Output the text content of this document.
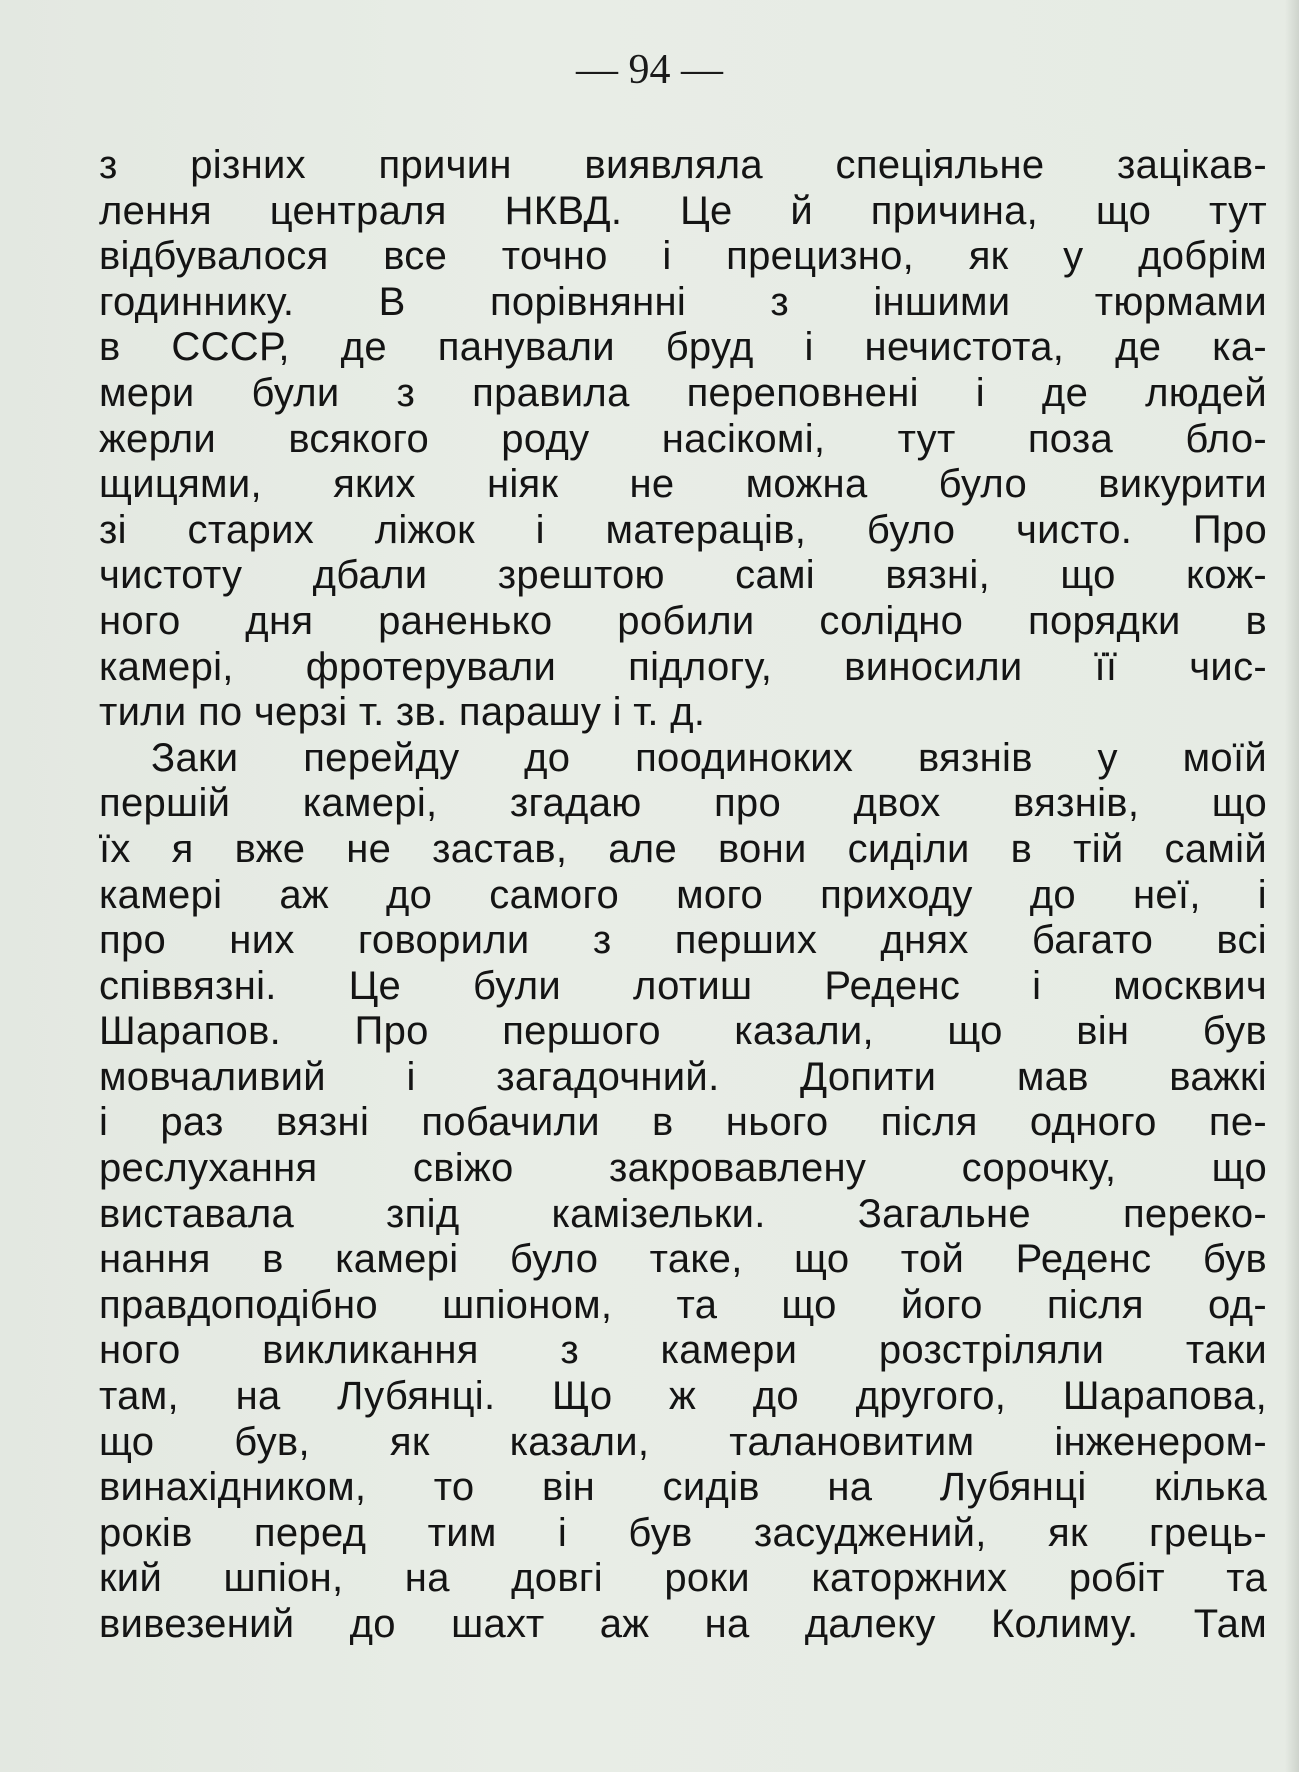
— 94 —
з різних причин виявляла спеціяльне зацікав-
лення централя НКВД. Це й причина, що тут
відбувалося все точно і прецизно, як у добрім
годиннику. В порівнянні з іншими тюрмами
в СССР, де панували бруд і нечистота, де ка-
мери були з правила переповнені і де людей
жерли всякого роду насікомі, тут поза бло-
щицями, яких ніяк не можна було викурити
зі старих ліжок і матераців, було чисто. Про
чистоту дбали зрештою самі вязні, що кож-
ного дня раненько робили солідно порядки в
камері, фротерували підлогу, виносили її чис-
тили по черзі т. зв. парашу і т. д.
Заки перейду до поодиноких вязнів у моїй
першій камері, згадаю про двох вязнів, що
їх я вже не застав, але вони сиділи в тій самій
камері аж до самого мого приходу до неї, і
про них говорили з перших днях багато всі
співвязні. Це були лотиш Реденс і москвич
Шарапов. Про першого казали, що він був
мовчаливий і загадочний. Допити мав важкі
і раз вязні побачили в нього після одного пе-
реслухання свіжо закровавлену сорочку, що
виставала зпід камізельки. Загальне переко-
нання в камері було таке, що той Реденс був
правдоподібно шпіоном, та що його після од-
ного викликання з камери розстріляли таки
там, на Лубянці. Що ж до другого, Шарапова,
що був, як казали, талановитим інженером-
винахідником, то він сидів на Лубянці кілька
років перед тим і був засуджений, як грець-
кий шпіон, на довгі роки каторжних робіт та
вивезений до шахт аж на далеку Колиму. Там
